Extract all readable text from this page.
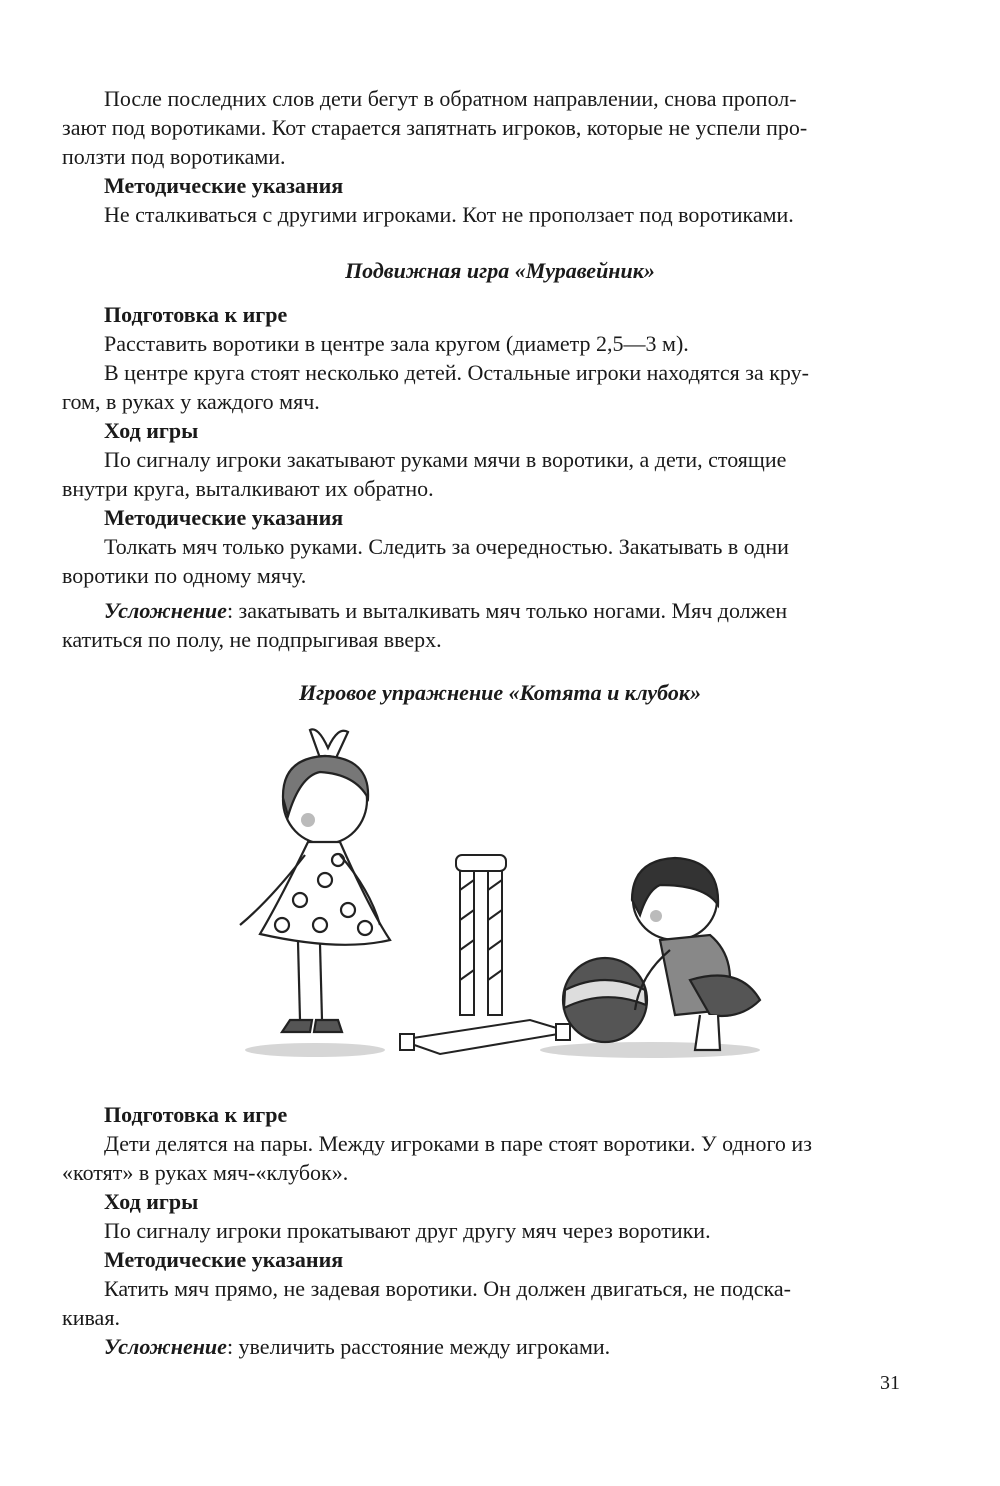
После последних слов дети бегут в обратном направлении, снова пропол-
зают под воротиками. Кот старается запятнать игроков, которые не успели про-
ползти под воротиками.
Методические указания
Не сталкиваться с другими игроками. Кот не проползает под воротиками.
Подвижная игра «Муравейник»
Подготовка к игре
Расставить воротики в центре зала кругом (диаметр 2,5—3 м).
В центре круга стоят несколько детей. Остальные игроки находятся за кру-
гом, в руках у каждого мяч.
Ход игры
По сигналу игроки закатывают руками мячи в воротики, а дети, стоящие
внутри круга, выталкивают их обратно.
Методические указания
Толкать мяч только руками. Следить за очередностью. Закатывать в одни
воротики по одному мячу.
Усложнение: закатывать и выталкивать мяч только ногами. Мяч должен
катиться по полу, не подпрыгивая вверх.
Игровое упражнение «Котята и клубок»
Подготовка к игре
Дети делятся на пары. Между игроками в паре стоят воротики. У одного из
«котят» в руках мяч-«клубок».
Ход игры
По сигналу игроки прокатывают друг другу мяч через воротики.
Методические указания
Катить мяч прямо, не задевая воротики. Он должен двигаться, не подска-
кивая.
Усложнение: увеличить расстояние между игроками.
31
